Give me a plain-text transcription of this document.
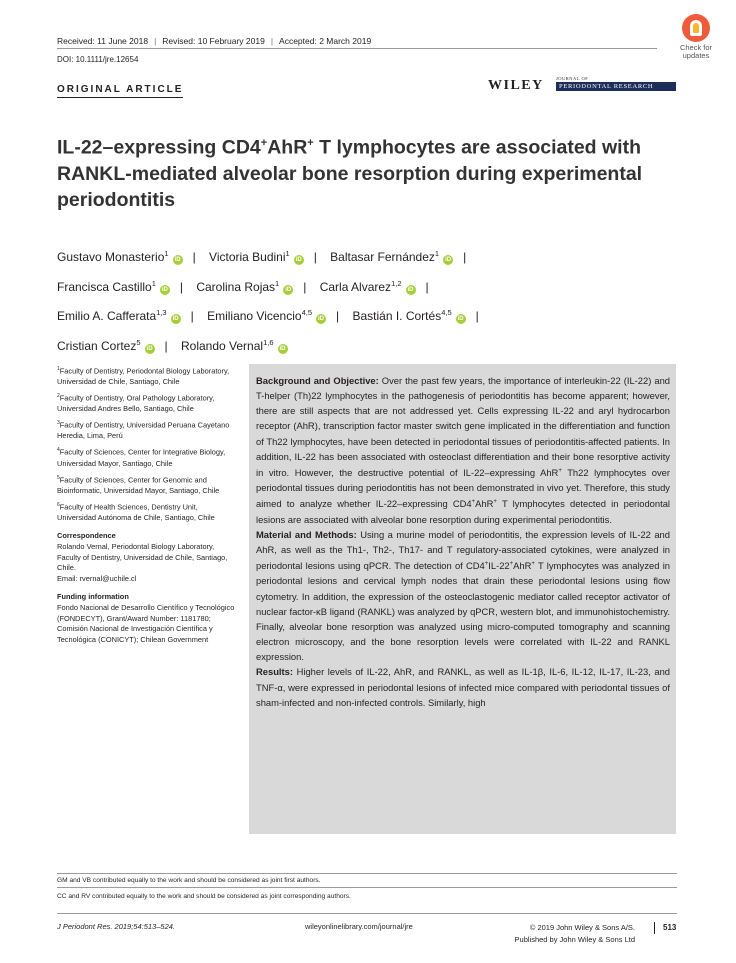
Received: 11 June 2018 | Revised: 10 February 2019 | Accepted: 2 March 2019
DOI: 10.1111/jre.12654
Check for
updates
ORIGINAL ARTICLE	WILEY	JOURNAL OF
PERIODONTAL RESEARCH
IL-22–expressing CD4+AhR+ T lymphocytes are associated with RANKL-mediated alveolar bone resorption during experimental periodontitis
Gustavo Monasterio$^1$iD | Victoria Budini$^1$iD | Baltasar Fernández$^1$iD |
Francisca Castillo$^1$iD | Carolina Rojas$^1$iD | Carla Alvarez$^{1,2}$iD |
Emilio A. Cafferata$^{1,3}$iD | Emiliano Vicencio$^{4,5}$iD | Bastián I. Cortés$^{4,5}$iD |
Cristian Cortez$^5$iD | Rolando Vernal$^{1,6}$iD

$^1$Faculty of Dentistry, Periodontal Biology Laboratory, Universidad de Chile, Santiago, Chile

$^2$Faculty of Dentistry, Oral Pathology Laboratory, Universidad Andres Bello, Santiago, Chile

$^3$Faculty of Dentistry, Universidad Peruana Cayetano Heredia, Lima, Perú

$^4$Faculty of Sciences, Center for Integrative Biology, Universidad Mayor, Santiago, Chile

$^5$Faculty of Sciences, Center for Genomic and Bioinformatic, Universidad Mayor, Santiago, Chile

$^6$Faculty of Health Sciences, Dentistry Unit, Universidad Autónoma de Chile, Santiago, Chile

Correspondence

Rolando Vernal, Periodontal Biology Laboratory, Faculty of Dentistry, Universidad de Chile, Santiago, Chile.

Email: rvernal@uchile.cl

Funding information

Fondo Nacional de Desarrollo Científico y Tecnológico (FONDECYT), Grant/Award Number: 1181780; Comisión Nacional de Investigación Científica y Tecnológica (CONICYT); Chilean Government

Background and Objective: Over the past few years, the importance of interleukin-22 (IL-22) and T-helper (Th)22 lymphocytes in the pathogenesis of periodontitis has become apparent; however, there are still aspects that are not addressed yet. Cells expressing IL-22 and aryl hydrocarbon receptor (AhR), transcription factor master switch gene implicated in the differentiation and function of Th22 lymphocytes, have been detected in periodontal tissues of periodontitis-affected patients. In addition, IL-22 has been associated with osteoclast differentiation and their bone resorptive activity in vitro. However, the destructive potential of IL-22–expressing AhR+ Th22 lymphocytes over periodontal tissues during periodontitis has not been demonstrated in vivo yet. Therefore, this study aimed to analyze whether IL-22–expressing CD4+AhR+ T lymphocytes detected in periodontal lesions are associated with alveolar bone resorption during experimental periodontitis.

Material and Methods: Using a murine model of periodontitis, the expression levels of IL-22 and AhR, as well as the Th1-, Th2-, Th17- and T regulatory-associated cytokines, were analyzed in periodontal lesions using qPCR. The detection of CD4+IL-22+AhR+ T lymphocytes was analyzed in periodontal lesions and cervical lymph nodes that drain these periodontal lesions using flow cytometry. In addition, the expression of the osteoclastogenic mediator called receptor activator of nuclear factor-κB ligand (RANKL) was analyzed by qPCR, western blot, and immunohistochemistry. Finally, alveolar bone resorption was analyzed using micro-computed tomography and scanning electron microscopy, and the bone resorption levels were correlated with IL-22 and RANKL expression.

Results: Higher levels of IL-22, AhR, and RANKL, as well as IL-1β, IL-6, IL-12, IL-17, IL-23, and TNF-α, were expressed in periodontal lesions of infected mice compared with periodontal tissues of sham-infected and non-infected controls. Similarly, high

GM and VB contributed equally to the work and should be considered as joint first authors.
CC and RV contributed equally to the work and should be considered as joint corresponding authors.
J Periodont Res. 2019;54:513–524.	wileyonlinelibrary.com/journal/jre	© 2019 John Wiley & Sons A/S.
Published by John Wiley & Sons Ltd
513
